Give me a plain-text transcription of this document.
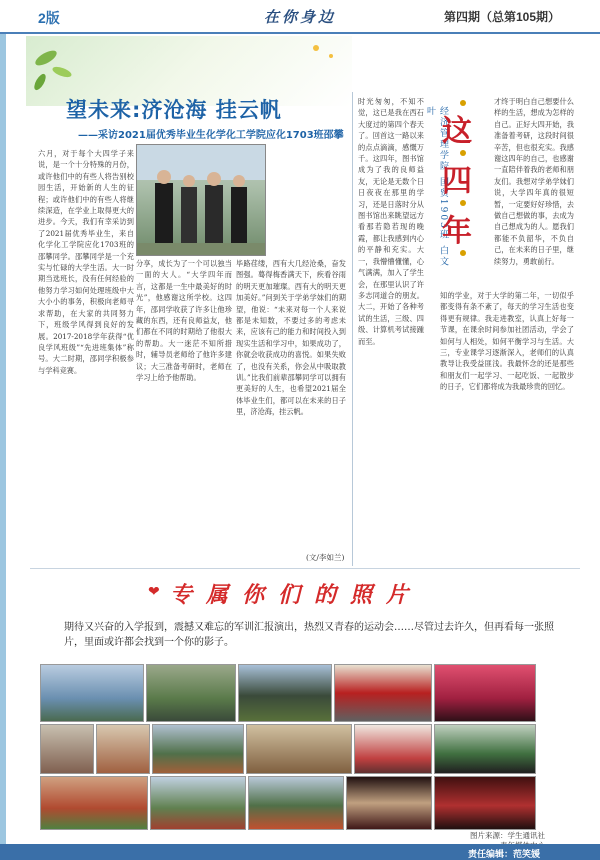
2版	在你身边	第四期（总第105期）
望未来:济沧海 挂云帆
——采访2021届优秀毕业生化学化工学院应化1703班邵攀
六月，对于每个大四学子来说，是一个十分特殊的月份，或许他们中的有些人将告别校园生活，开始新的人生的征程；或许他们中的有些人将继续深造，在学业上取得更大的进步。今天，我们有幸采访到了2021届优秀毕业生，来自化学化工学院应化1703班的邵攀同学。邵攀同学是一个充实与忙碌的大学生活。大一时期当选班长，没有任何经验的他努力学习如何处理班级中大大小小的事务，积极向老师寻求帮助，在大家的共同努力下，班级学风得到良好的发展。2017-2018学年获得“优良学风班级”“先进班集体”称号。大二时期，邵同学积极参与学科竞赛。
分享，成长为了一个可以独当一面的大人。“大学四年而言，这都是一生中最美好的时光”，他感谢这所学校。这四年，邵同学收获了许多让他珍藏的东西，还有良师益友，他们都在不同的时期给了他很大的帮助。大一迷茫不知所措时，辅导员老师给了他许多建议；大三准备考研时，老师在学习上给予他帮助。
毕路荏缕，西有大几经沧桑，奋发图强。蓦得梅香满天下，疾看谷雨的明天更加璀璨。西有大的明天更加美好。”问到关于学弟学妹们的期望，他说：“未来对每一个人来说都是未知数，不要过多的考虑未来，应该有己的能力和时间投入到现实生活和学习中，如果成功了，你就会收获成功的喜悦。如果失败了，也没有关系，你会从中吸取教训。”比我们前辈邵攀同学可以拥有更美好的人生，也希望2021届全体毕业生们，都可以在未来的日子里，济沧海，挂云帆。
(文/李如兰)
时光匆匆，不知不觉，这已是我在西石大度过的第四个春天了。回首这一路以来的点点滴滴，感慨万千。这四年，图书馆成为了我的良师益友，无论是无数个日日夜夜在那里的学习，还是日落时分从图书馆出来眺望远方看那若隐若现的晚霞，都让我感到内心的平静和充实。大一，我懵懵懂懂，心气满满，加入了学生会，在那里认识了许多志同道合的朋友。大二，开始了各种考试的生活，三级、四级、计算机考试接踵而至。
经济管理学院 国贸1903班 白文叶
这
四
年
才终于明白自己想要什么样的生活，想成为怎样的自己。正好大四开始，我准备着考研，这段时间很辛苦，但也很充实。我感谢这四年的自己，也感谢一直陪伴着我的老师和朋友们。我想对学弟学妹们说，大学四年真的很短暂，一定要好好珍惜，去做自己想做的事，去成为自己想成为的人。愿我们都能不负韶华，不负自己，在未来的日子里，继续努力，勇敢前行。
知的学业，对于大学的第二年，一切似乎都变得有条不紊了，每天的学习生活也变得更有规律。我走进教室，认真上好每一节课，在课余时间参加社团活动，学会了如何与人相处，如何平衡学习与生活。大三，专业课学习逐渐深入，老师们的认真教导让我受益匪浅。我最怀念的还是那些和朋友们一起学习、一起吃饭、一起散步的日子，它们都将成为我最珍贵的回忆。
专属你们的照片
❤
期待又兴奋的入学报到，震撼又难忘的军训汇报演出，热烈又青春的运动会……尽管过去许久，但再看每一张照片，里面或许都会找到一个你的影子。
图片来源：学生通讯社
责任编辑：范笑媛
